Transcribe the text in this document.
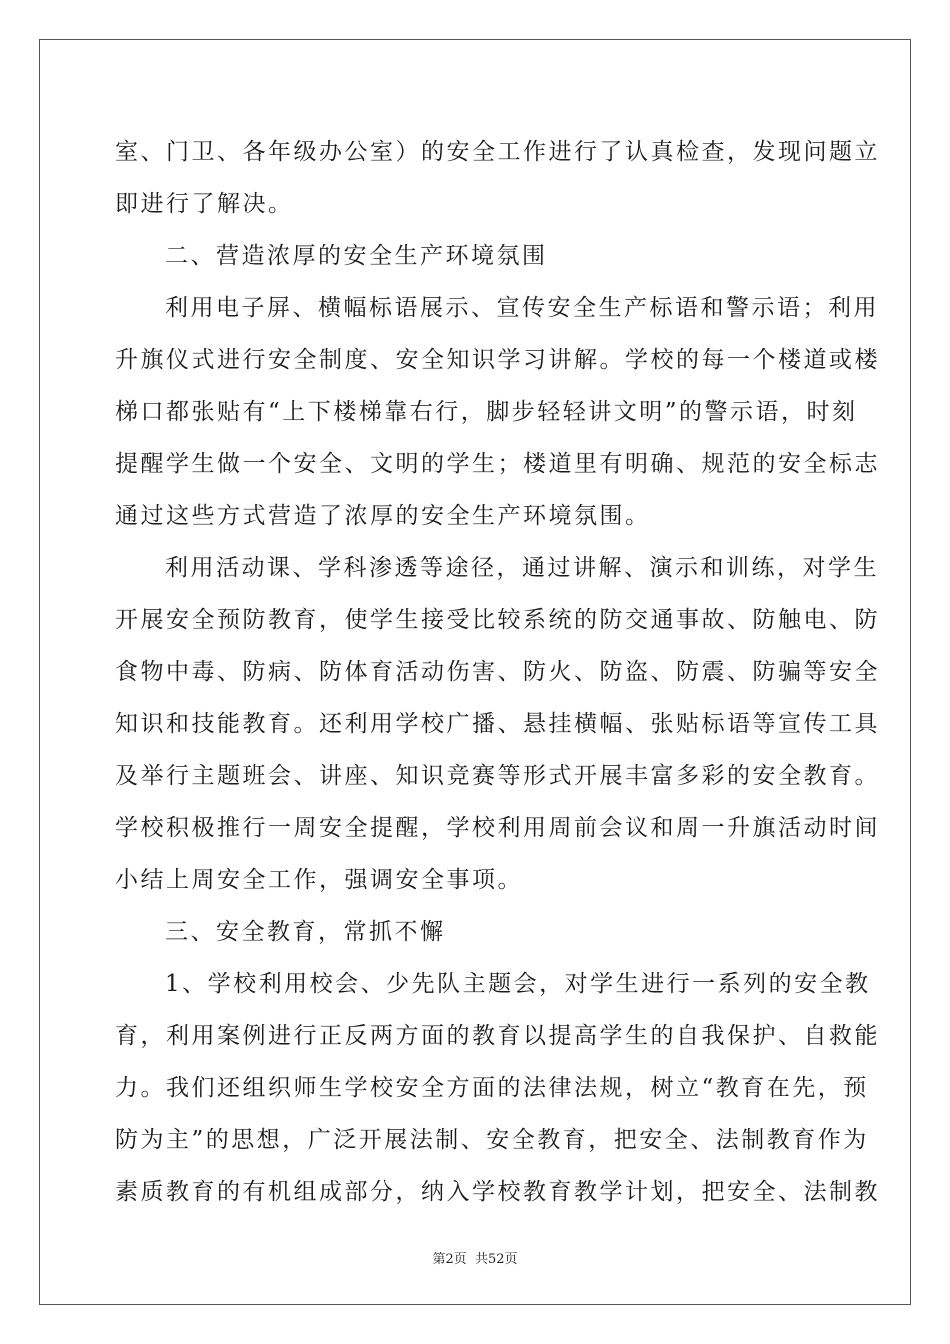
室、门卫、各年级办公室）的安全工作进行了认真检查，发现问题立
即进行了解决。
二、营造浓厚的安全生产环境氛围
利用电子屏、横幅标语展示、宣传安全生产标语和警示语；利用
升旗仪式进行安全制度、安全知识学习讲解。学校的每一个楼道或楼
梯口都张贴有“上下楼梯靠右行，脚步轻轻讲文明”的警示语，时刻
提醒学生做一个安全、文明的学生；楼道里有明确、规范的安全标志
通过这些方式营造了浓厚的安全生产环境氛围。
利用活动课、学科渗透等途径，通过讲解、演示和训练，对学生
开展安全预防教育，使学生接受比较系统的防交通事故、防触电、防
食物中毒、防病、防体育活动伤害、防火、防盗、防震、防骗等安全
知识和技能教育。还利用学校广播、悬挂横幅、张贴标语等宣传工具
及举行主题班会、讲座、知识竞赛等形式开展丰富多彩的安全教育。
学校积极推行一周安全提醒，学校利用周前会议和周一升旗活动时间
小结上周安全工作，强调安全事项。
三、安全教育，常抓不懈
1、学校利用校会、少先队主题会，对学生进行一系列的安全教
育，利用案例进行正反两方面的教育以提高学生的自我保护、自救能
力。我们还组织师生学校安全方面的法律法规，树立“教育在先，预
防为主”的思想，广泛开展法制、安全教育，把安全、法制教育作为
素质教育的有机组成部分，纳入学校教育教学计划，把安全、法制教
第2页 共52页
